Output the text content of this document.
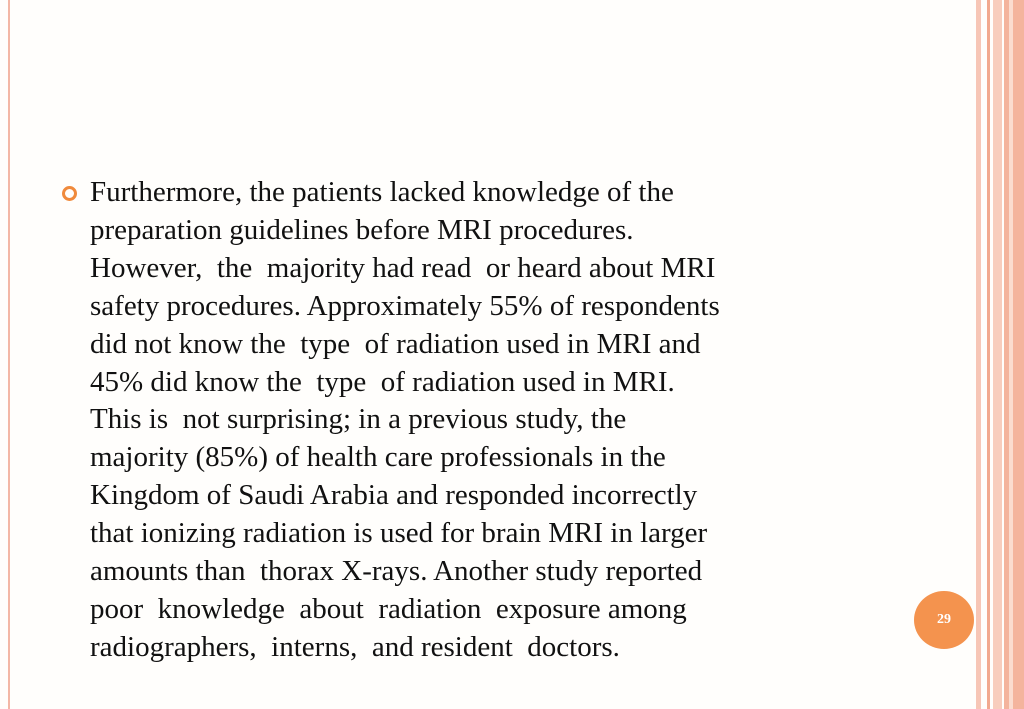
Furthermore, the patients lacked knowledge of the
preparation guidelines before MRI procedures.
However,  the  majority had read  or heard about MRI
safety procedures. Approximately 55% of respondents
did not know the  type  of radiation used in MRI and
45% did know the  type  of radiation used in MRI.
This is  not surprising; in a previous study, the
majority (85%) of health care professionals in the
Kingdom of Saudi Arabia and responded incorrectly
that ionizing radiation is used for brain MRI in larger
amounts than  thorax X-rays. Another study reported
poor  knowledge  about  radiation  exposure among
radiographers,  interns,  and resident  doctors.

29
